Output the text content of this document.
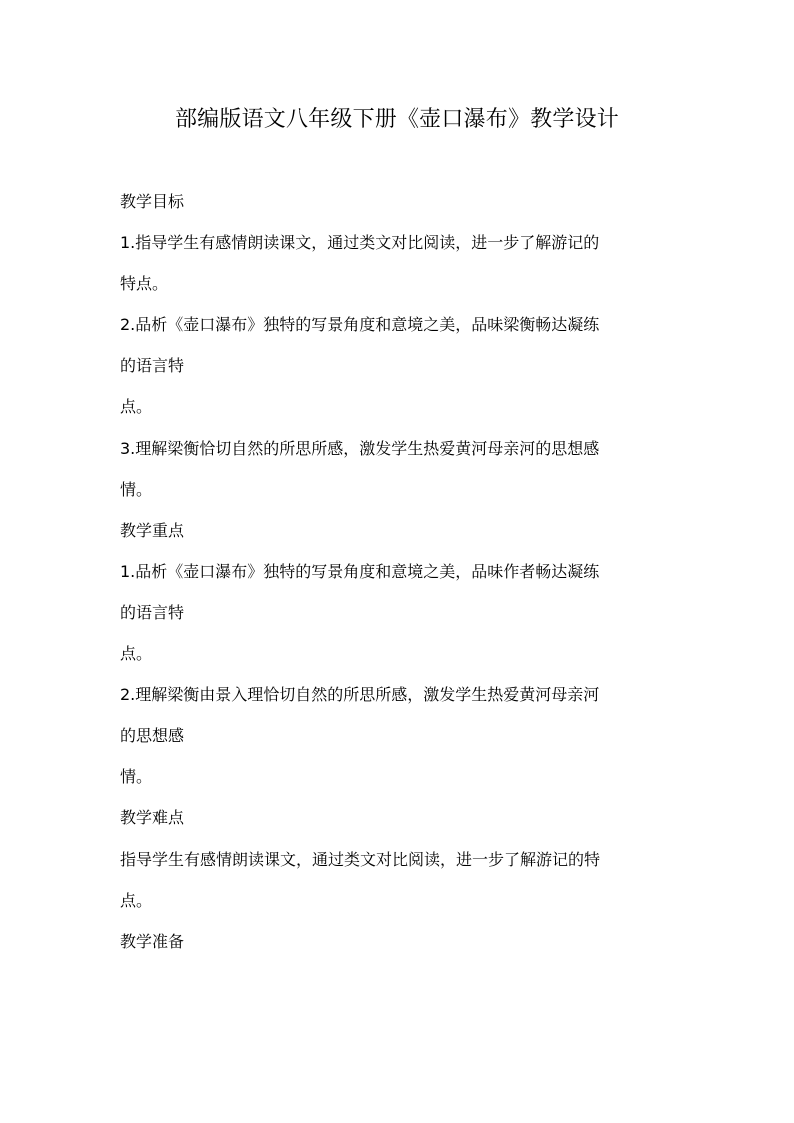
部编版语文八年级下册《壶口瀑布》教学设计
教学目标
1.指导学生有感情朗读课文，通过类文对比阅读，进一步了解游记的
特点。
2.品析《壶口瀑布》独特的写景角度和意境之美，品味梁衡畅达凝练
的语言特
点。
3.理解梁衡恰切自然的所思所感，激发学生热爱黄河母亲河的思想感
情。
教学重点
1.品析《壶口瀑布》独特的写景角度和意境之美，品味作者畅达凝练
的语言特
点。
2.理解梁衡由景入理恰切自然的所思所感，激发学生热爱黄河母亲河
的思想感
情。
教学难点
指导学生有感情朗读课文，通过类文对比阅读，进一步了解游记的特
点。
教学准备
